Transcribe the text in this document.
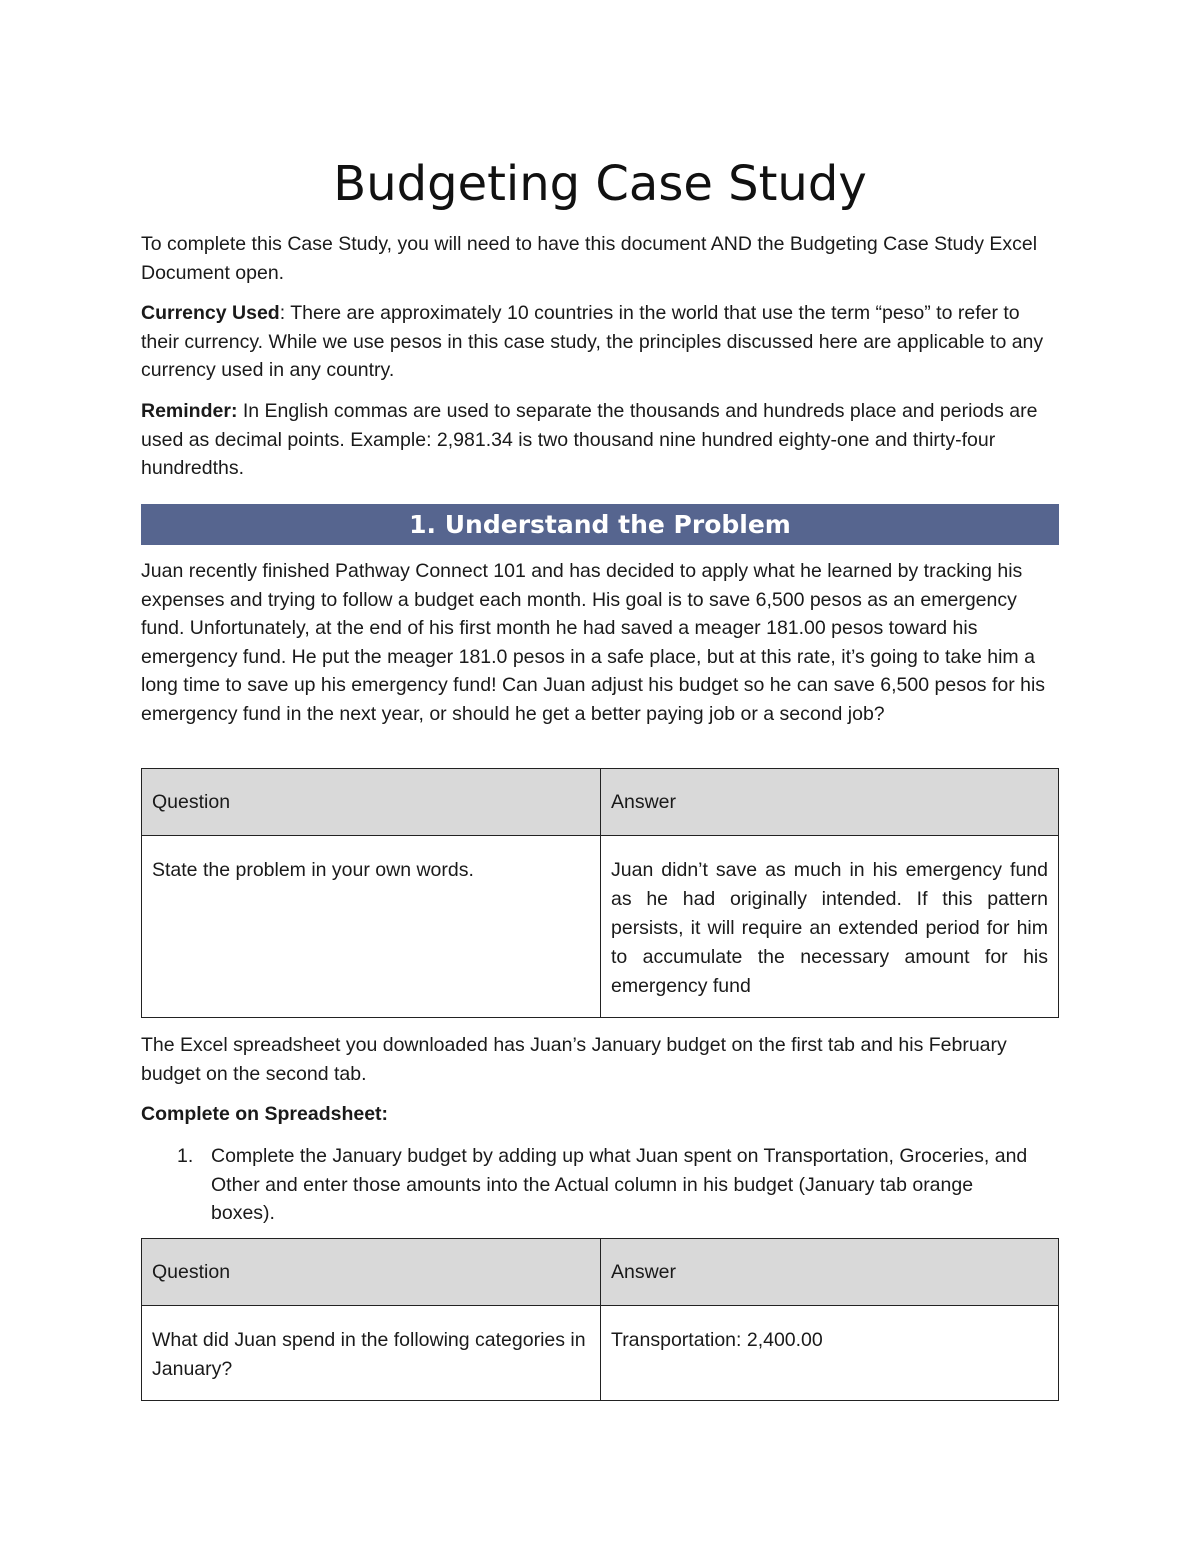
Budgeting Case Study
To complete this Case Study, you will need to have this document AND the Budgeting Case Study Excel Document open.
Currency Used: There are approximately 10 countries in the world that use the term “peso” to refer to their currency. While we use pesos in this case study, the principles discussed here are applicable to any currency used in any country.
Reminder: In English commas are used to separate the thousands and hundreds place and periods are used as decimal points. Example: 2,981.34 is two thousand nine hundred eighty-one and thirty-four hundredths.
1. Understand the Problem
Juan recently finished Pathway Connect 101 and has decided to apply what he learned by tracking his expenses and trying to follow a budget each month. His goal is to save 6,500 pesos as an emergency fund. Unfortunately, at the end of his first month he had saved a meager 181.00 pesos toward his emergency fund. He put the meager 181.0 pesos in a safe place, but at this rate, it’s going to take him a long time to save up his emergency fund! Can Juan adjust his budget so he can save 6,500 pesos for his emergency fund in the next year, or should he get a better paying job or a second job?
Question	Answer
State the problem in your own words.	Juan didn’t save as much in his emergency fund as he had originally intended. If this pattern persists, it will require an extended period for him to accumulate the necessary amount for his emergency fund
The Excel spreadsheet you downloaded has Juan’s January budget on the first tab and his February budget on the second tab.
Complete on Spreadsheet:
1. Complete the January budget by adding up what Juan spent on Transportation, Groceries, and Other and enter those amounts into the Actual column in his budget (January tab orange boxes).
Question	Answer
What did Juan spend in the following categories in January?	Transportation: 2,400.00
